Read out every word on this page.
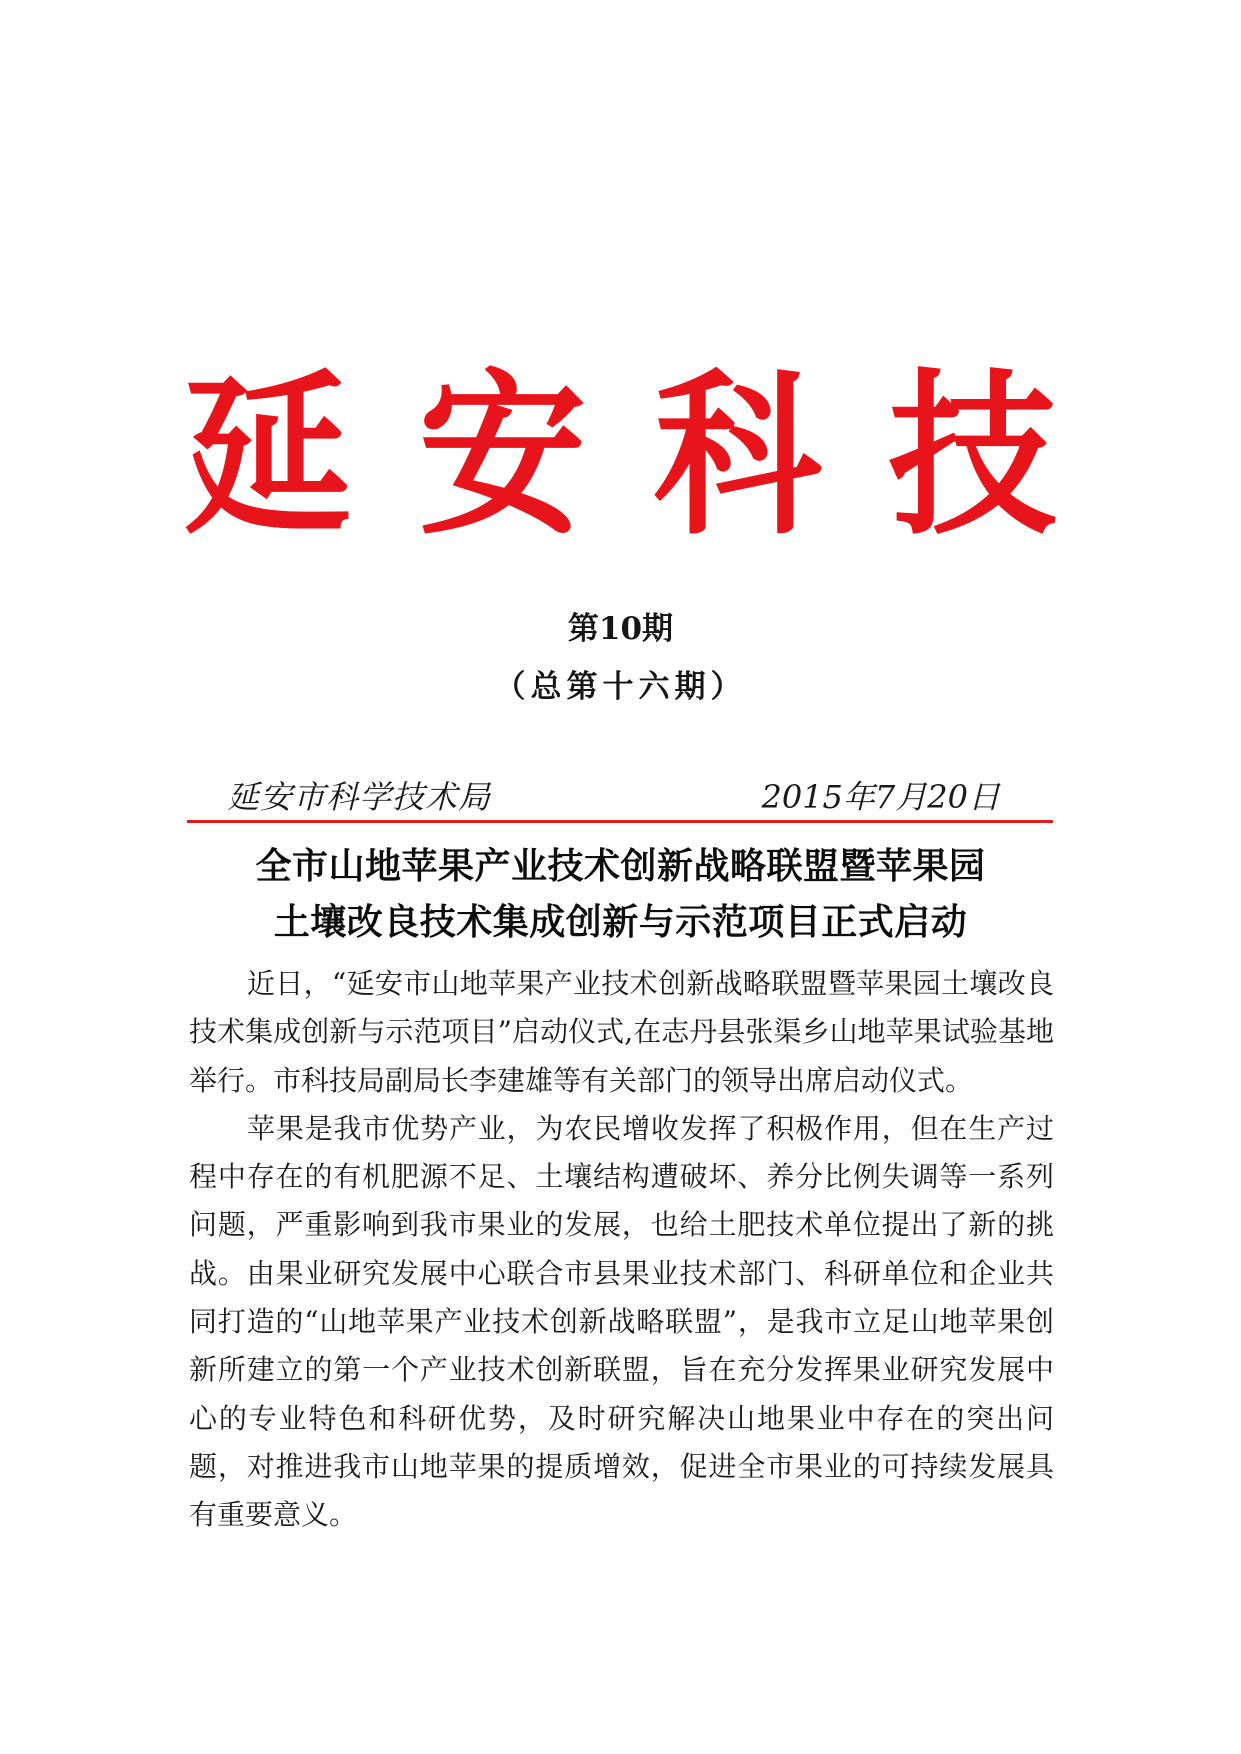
延 安 科 技
第10期
（总第十六期）
延安市科学技术局	2015年7月20日
全市山地苹果产业技术创新战略联盟暨苹果园
土壤改良技术集成创新与示范项目正式启动

近日，“延安市山地苹果产业技术创新战略联盟暨苹果园土壤改良技术集成创新与示范项目”启动仪式,在志丹县张渠乡山地苹果试验基地举行。市科技局副局长李建雄等有关部门的领导出席启动仪式。

苹果是我市优势产业，为农民增收发挥了积极作用，但在生产过程中存在的有机肥源不足、土壤结构遭破坏、养分比例失调等一系列问题，严重影响到我市果业的发展，也给土肥技术单位提出了新的挑战。由果业研究发展中心联合市县果业技术部门、科研单位和企业共同打造的“山地苹果产业技术创新战略联盟”，是我市立足山地苹果创新所建立的第一个产业技术创新联盟，旨在充分发挥果业研究发展中心的专业特色和科研优势，及时研究解决山地果业中存在的突出问题，对推进我市山地苹果的提质增效，促进全市果业的可持续发展具有重要意义。
